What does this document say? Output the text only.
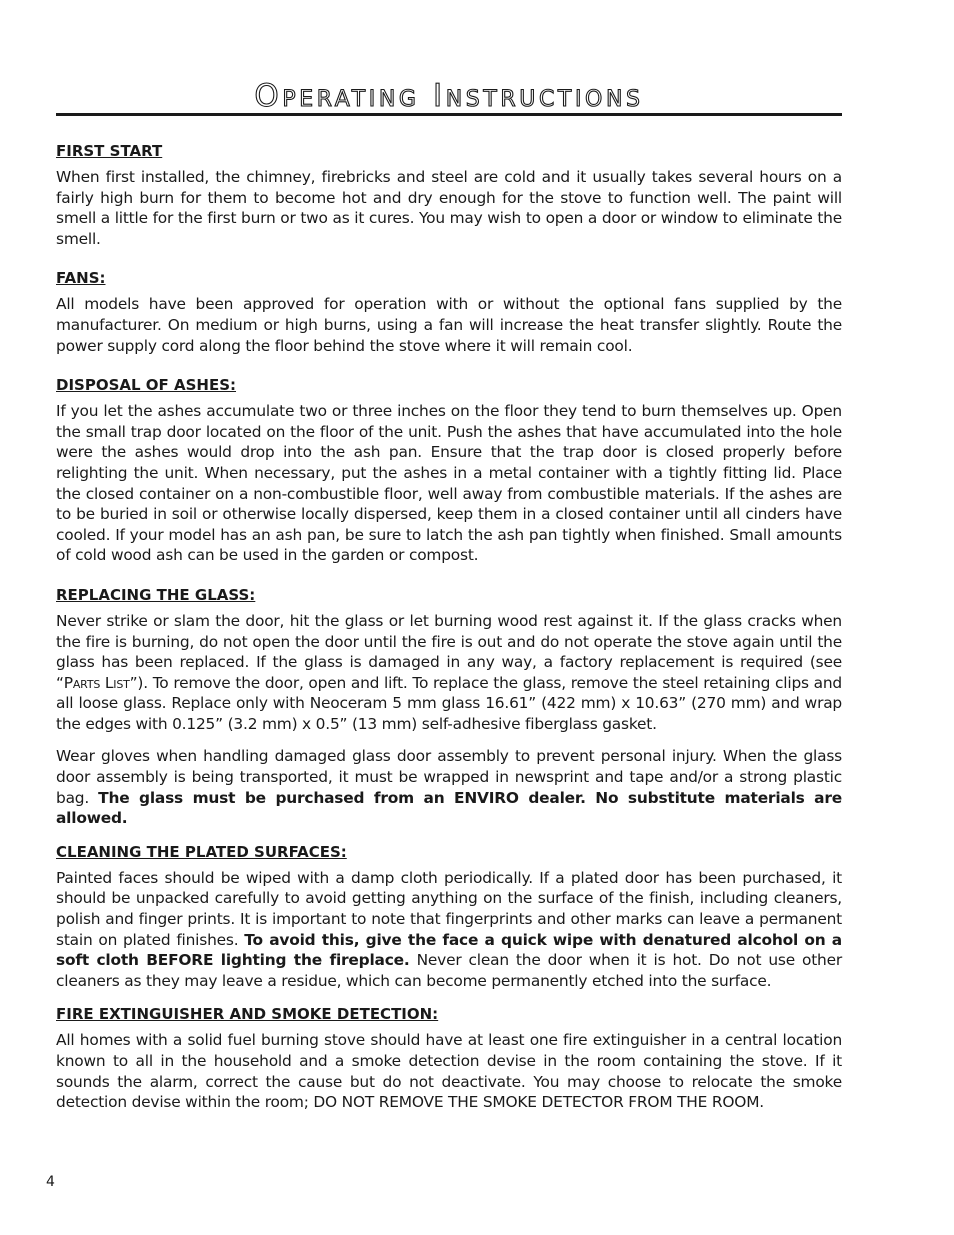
Operating Instructions
FIRST START

When first installed, the chimney, firebricks and steel are cold and it usually takes several hours on a fairly high burn for them to become hot and dry enough for the stove to function well. The paint will smell a little for the first burn or two as it cures. You may wish to open a door or window to eliminate the smell.

FANS:

All models have been approved for operation with or without the optional fans supplied by the manufacturer. On medium or high burns, using a fan will increase the heat transfer slightly. Route the power supply cord along the floor behind the stove where it will remain cool.

DISPOSAL OF ASHES:

If you let the ashes accumulate two or three inches on the floor they tend to burn themselves up. Open the small trap door located on the floor of the unit. Push the ashes that have accumulated into the hole were the ashes would drop into the ash pan. Ensure that the trap door is closed properly before relighting the unit. When necessary, put the ashes in a metal container with a tightly fitting lid. Place the closed container on a non-combustible floor, well away from combustible materials. If the ashes are to be buried in soil or otherwise locally dispersed, keep them in a closed container until all cinders have cooled. If your model has an ash pan, be sure to latch the ash pan tightly when finished. Small amounts of cold wood ash can be used in the garden or compost.

REPLACING THE GLASS:

Never strike or slam the door, hit the glass or let burning wood rest against it. If the glass cracks when the fire is burning, do not open the door until the fire is out and do not operate the stove again until the glass has been replaced. If the glass is damaged in any way, a factory replacement is required (see “Parts List”). To remove the door, open and lift. To replace the glass, remove the steel retaining clips and all loose glass. Replace only with Neoceram 5 mm glass 16.61” (422 mm) x 10.63” (270 mm) and wrap the edges with 0.125” (3.2 mm) x 0.5” (13 mm) self-adhesive fiberglass gasket.

Wear gloves when handling damaged glass door assembly to prevent personal injury. When the glass door assembly is being transported, it must be wrapped in newsprint and tape and/or a strong plastic bag. The glass must be purchased from an ENVIRO dealer. No substitute materials are allowed.

CLEANING THE PLATED SURFACES:

Painted faces should be wiped with a damp cloth periodically. If a plated door has been purchased, it should be unpacked carefully to avoid getting anything on the surface of the finish, including cleaners, polish and finger prints. It is important to note that fingerprints and other marks can leave a permanent stain on plated finishes. To avoid this, give the face a quick wipe with denatured alcohol on a soft cloth BEFORE lighting the fireplace. Never clean the door when it is hot. Do not use other cleaners as they may leave a residue, which can become permanently etched into the surface.

FIRE EXTINGUISHER AND SMOKE DETECTION:

All homes with a solid fuel burning stove should have at least one fire extinguisher in a central location known to all in the household and a smoke detection devise in the room containing the stove. If it sounds the alarm, correct the cause but do not deactivate. You may choose to relocate the smoke detection devise within the room; DO NOT REMOVE THE SMOKE DETECTOR FROM THE ROOM.

4
